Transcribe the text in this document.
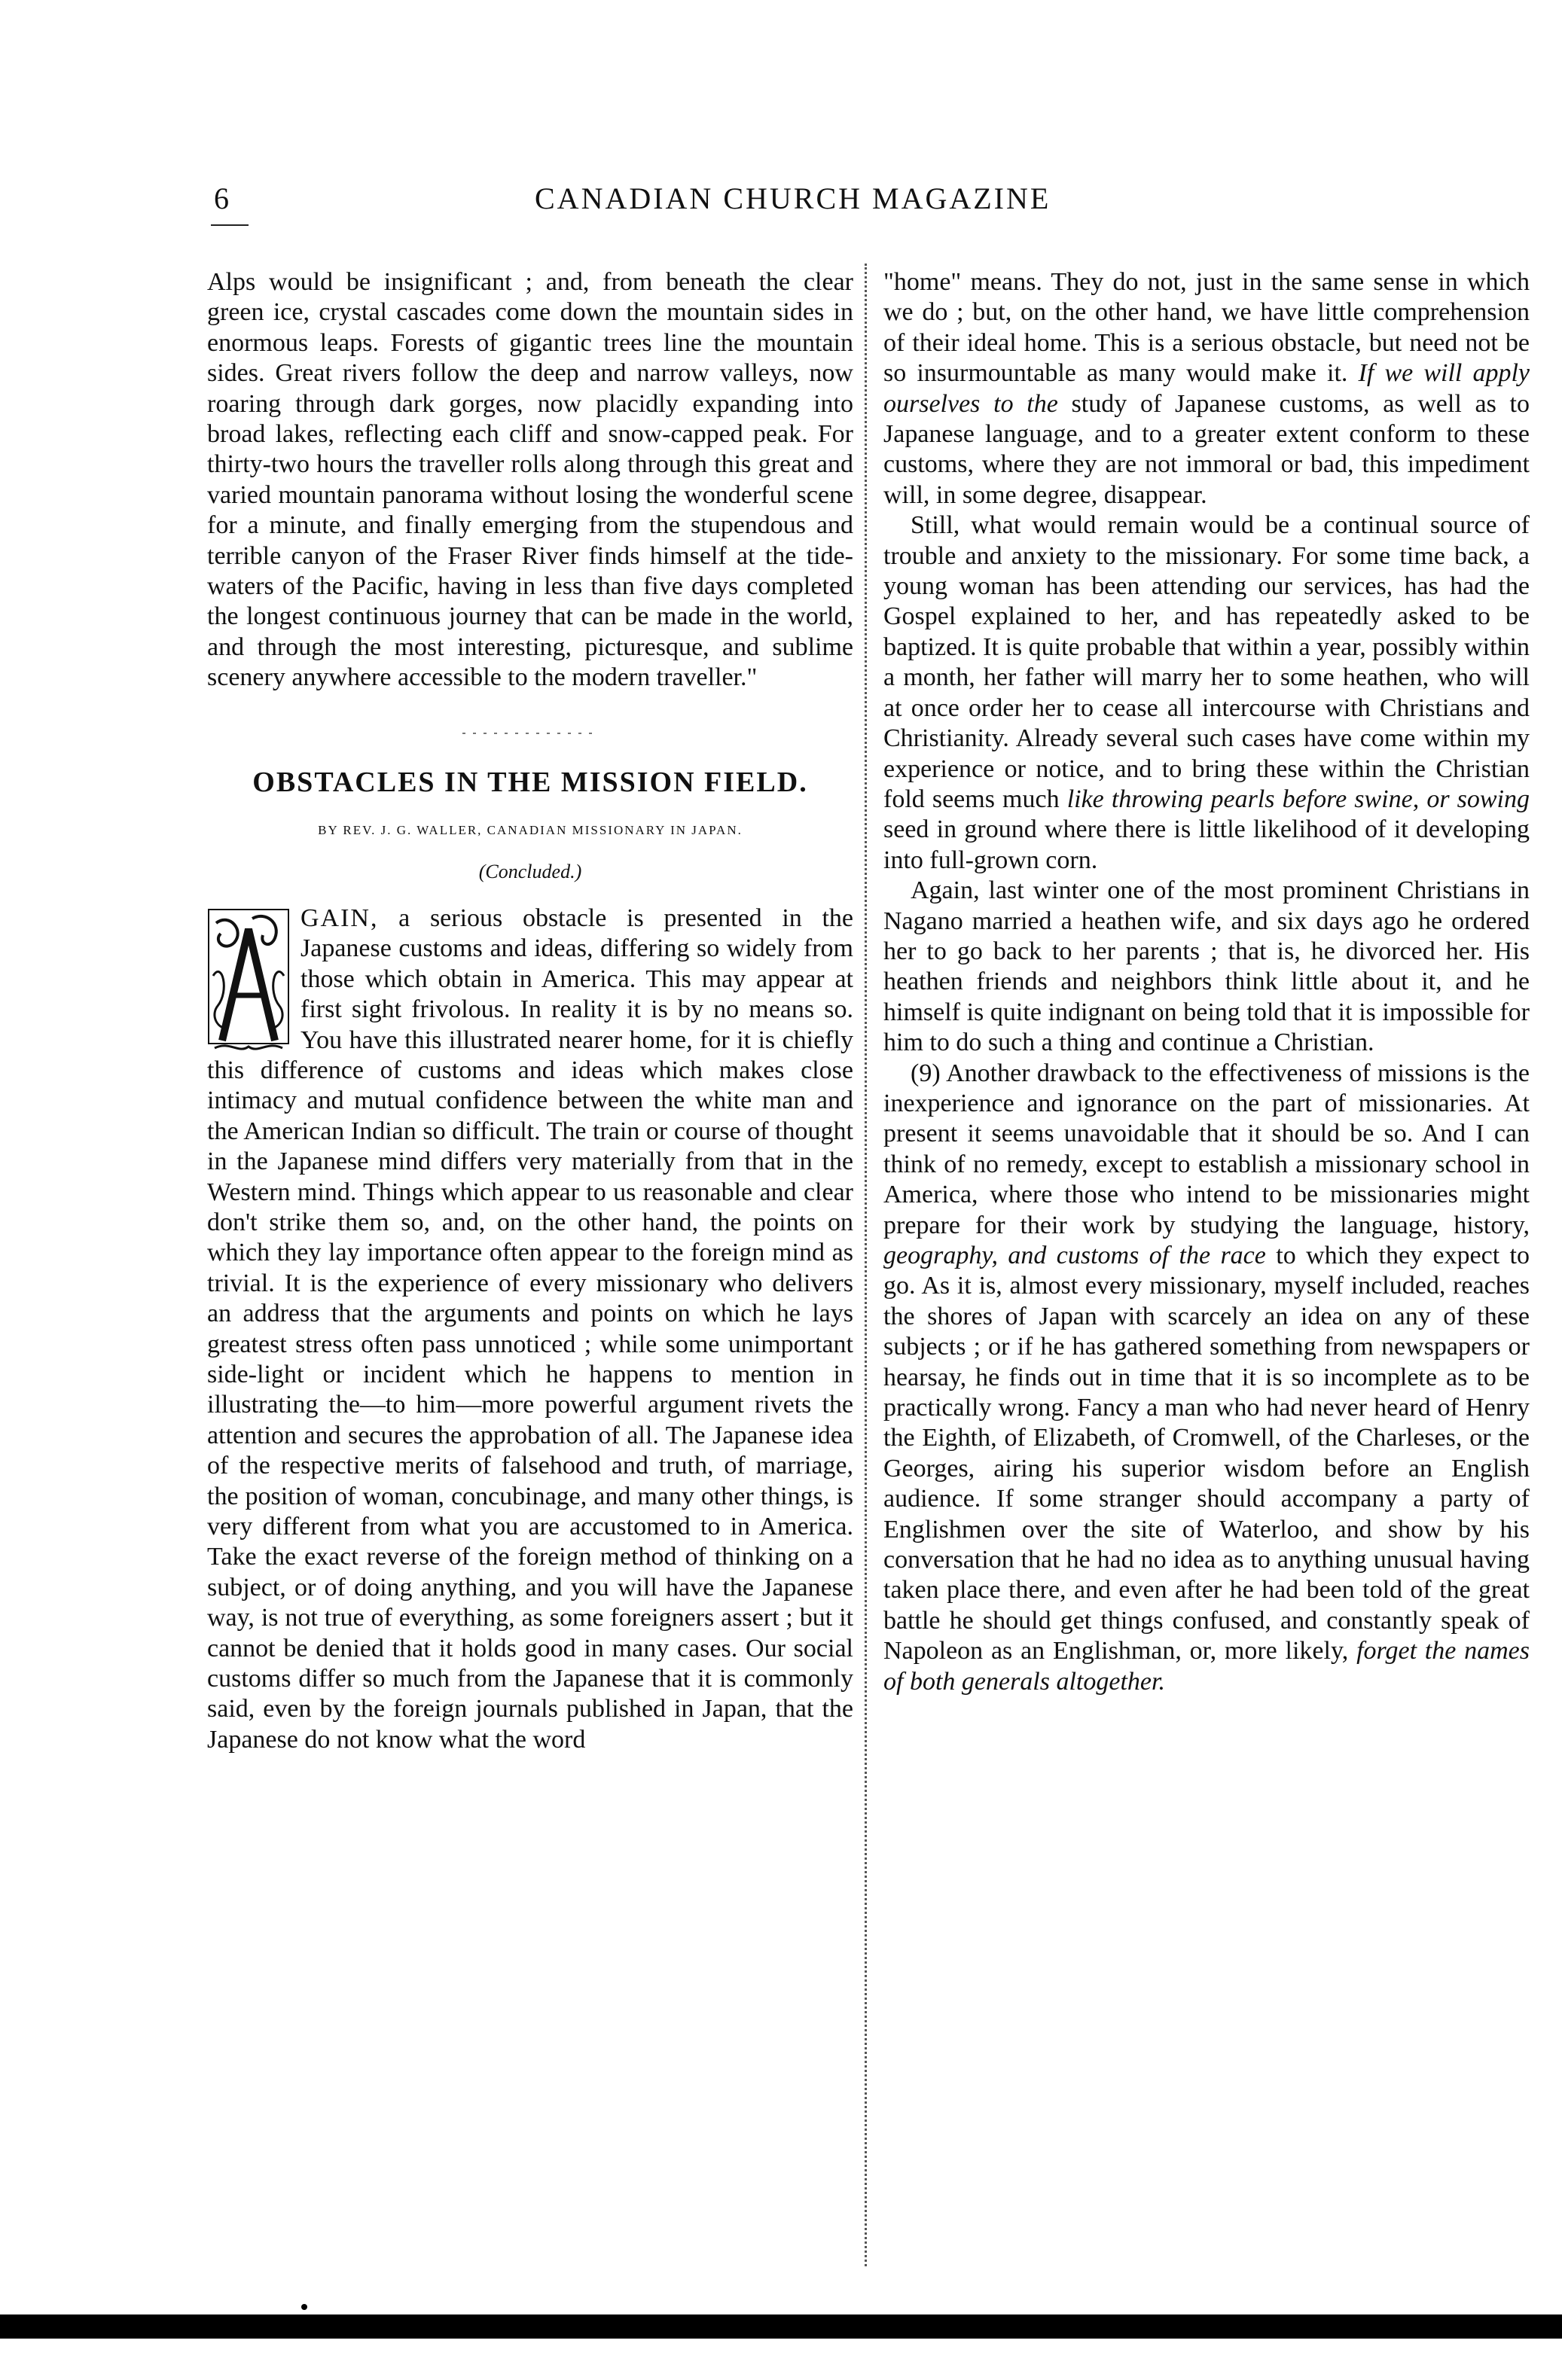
6	CANADIAN CHURCH MAGAZINE

Alps would be insignificant ; and, from beneath the clear green ice, crystal cascades come down the mountain sides in enormous leaps. Forests of gigantic trees line the mountain sides. Great rivers follow the deep and narrow valleys, now roaring through dark gorges, now placidly expanding into broad lakes, reflecting each cliff and snow-capped peak. For thirty-two hours the traveller rolls along through this great and varied mountain panorama without losing the wonderful scene for a minute, and finally emerging from the stupendous and terrible canyon of the Fraser River finds himself at the tide-waters of the Pacific, having in less than five days completed the longest continuous journey that can be made in the world, and through the most interesting, picturesque, and sublime scenery anywhere accessible to the modern traveller."

OBSTACLES IN THE MISSION FIELD.

BY REV. J. G. WALLER, CANADIAN MISSIONARY IN JAPAN.

(Concluded.)

A
GAIN, a serious obstacle is presented in the Japanese customs and ideas, differing so widely from those which obtain in America. This may appear at first sight frivolous. In reality it is by no means so. You have this illustrated nearer home, for it is chiefly this difference of customs and ideas which makes close intimacy and mutual confidence between the white man and the American Indian so difficult. The train or course of thought in the Japanese mind differs very materially from that in the Western mind. Things which appear to us reasonable and clear don't strike them so, and, on the other hand, the points on which they lay importance often appear to the foreign mind as trivial. It is the experience of every missionary who delivers an address that the arguments and points on which he lays greatest stress often pass unnoticed ; while some unimportant side-light or incident which he happens to mention in illustrating the—to him—more powerful argument rivets the attention and secures the approbation of all. The Japanese idea of the respective merits of falsehood and truth, of marriage, the position of woman, concubinage, and many other things, is very different from what you are accustomed to in America. Take the exact reverse of the foreign method of thinking on a subject, or of doing anything, and you will have the Japanese way, is not true of everything, as some foreigners assert ; but it cannot be denied that it holds good in many cases. Our social customs differ so much from the Japanese that it is commonly said, even by the foreign journals published in Japan, that the Japanese do not know what the word

"home" means. They do not, just in the same sense in which we do ; but, on the other hand, we have little comprehension of their ideal home. This is a serious obstacle, but need not be so insurmountable as many would make it. If we will apply ourselves to the study of Japanese customs, as well as to Japanese language, and to a greater extent conform to these customs, where they are not immoral or bad, this impediment will, in some degree, disappear.

Still, what would remain would be a continual source of trouble and anxiety to the missionary. For some time back, a young woman has been attending our services, has had the Gospel explained to her, and has repeatedly asked to be baptized. It is quite probable that within a year, possibly within a month, her father will marry her to some heathen, who will at once order her to cease all intercourse with Christians and Christianity. Already several such cases have come within my experience or notice, and to bring these within the Christian fold seems much like throwing pearls before swine, or sowing seed in ground where there is little likelihood of it developing into full-grown corn.

Again, last winter one of the most prominent Christians in Nagano married a heathen wife, and six days ago he ordered her to go back to her parents ; that is, he divorced her. His heathen friends and neighbors think little about it, and he himself is quite indignant on being told that it is impossible for him to do such a thing and continue a Christian.

(9) Another drawback to the effectiveness of missions is the inexperience and ignorance on the part of missionaries. At present it seems unavoidable that it should be so. And I can think of no remedy, except to establish a missionary school in America, where those who intend to be missionaries might prepare for their work by studying the language, history, geography, and customs of the race to which they expect to go. As it is, almost every missionary, myself included, reaches the shores of Japan with scarcely an idea on any of these subjects ; or if he has gathered something from newspapers or hearsay, he finds out in time that it is so incomplete as to be practically wrong. Fancy a man who had never heard of Henry the Eighth, of Elizabeth, of Cromwell, of the Charleses, or the Georges, airing his superior wisdom before an English audience. If some stranger should accompany a party of Englishmen over the site of Waterloo, and show by his conversation that he had no idea as to anything unusual having taken place there, and even after he had been told of the great battle he should get things confused, and constantly speak of Napoleon as an Englishman, or, more likely, forget the names of both generals altogether.
